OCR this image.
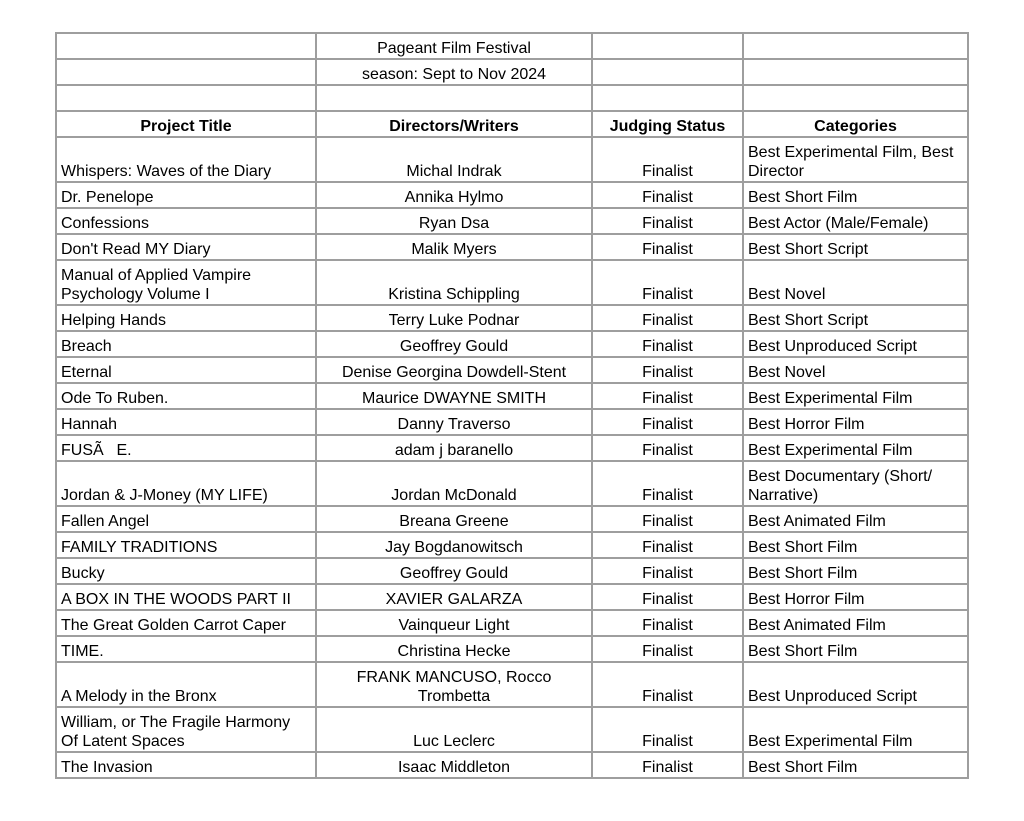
	Pageant Film Festival		
	season: Sept to Nov 2024		

Project Title	Directors/Writers	Judging Status	Categories
Whispers: Waves of the Diary	Michal Indrak	Finalist	Best Experimental Film, Best Director
Dr. Penelope	Annika Hylmo	Finalist	Best Short Film
Confessions	Ryan Dsa	Finalist	Best Actor (Male/Female)
Don't Read MY Diary	Malik Myers	Finalist	Best Short Script
Manual of Applied Vampire Psychology Volume I	Kristina Schippling	Finalist	Best Novel
Helping Hands	Terry Luke Podnar	Finalist	Best Short Script
Breach	Geoffrey Gould	Finalist	Best Unproduced Script
Eternal	Denise Georgina Dowdell-Stent	Finalist	Best Novel
Ode To Ruben.	Maurice DWAYNE SMITH	Finalist	Best Experimental Film
Hannah	Danny Traverso	Finalist	Best Horror Film
FUSÃE.	adam j baranello	Finalist	Best Experimental Film
Jordan & J-Money (MY LIFE)	Jordan McDonald	Finalist	Best Documentary (Short/ Narrative)
Fallen Angel	Breana Greene	Finalist	Best Animated Film
FAMILY TRADITIONS	Jay Bogdanowitsch	Finalist	Best Short Film
Bucky	Geoffrey Gould	Finalist	Best Short Film
A BOX IN THE WOODS PART II	XAVIER GALARZA	Finalist	Best Horror Film
The Great Golden Carrot Caper	Vainqueur Light	Finalist	Best Animated Film
TIME.	Christina Hecke	Finalist	Best Short Film
A Melody in the Bronx	FRANK MANCUSO, Rocco Trombetta	Finalist	Best Unproduced Script
William, or The Fragile Harmony Of Latent Spaces	Luc Leclerc	Finalist	Best Experimental Film
The Invasion	Isaac Middleton	Finalist	Best Short Film
